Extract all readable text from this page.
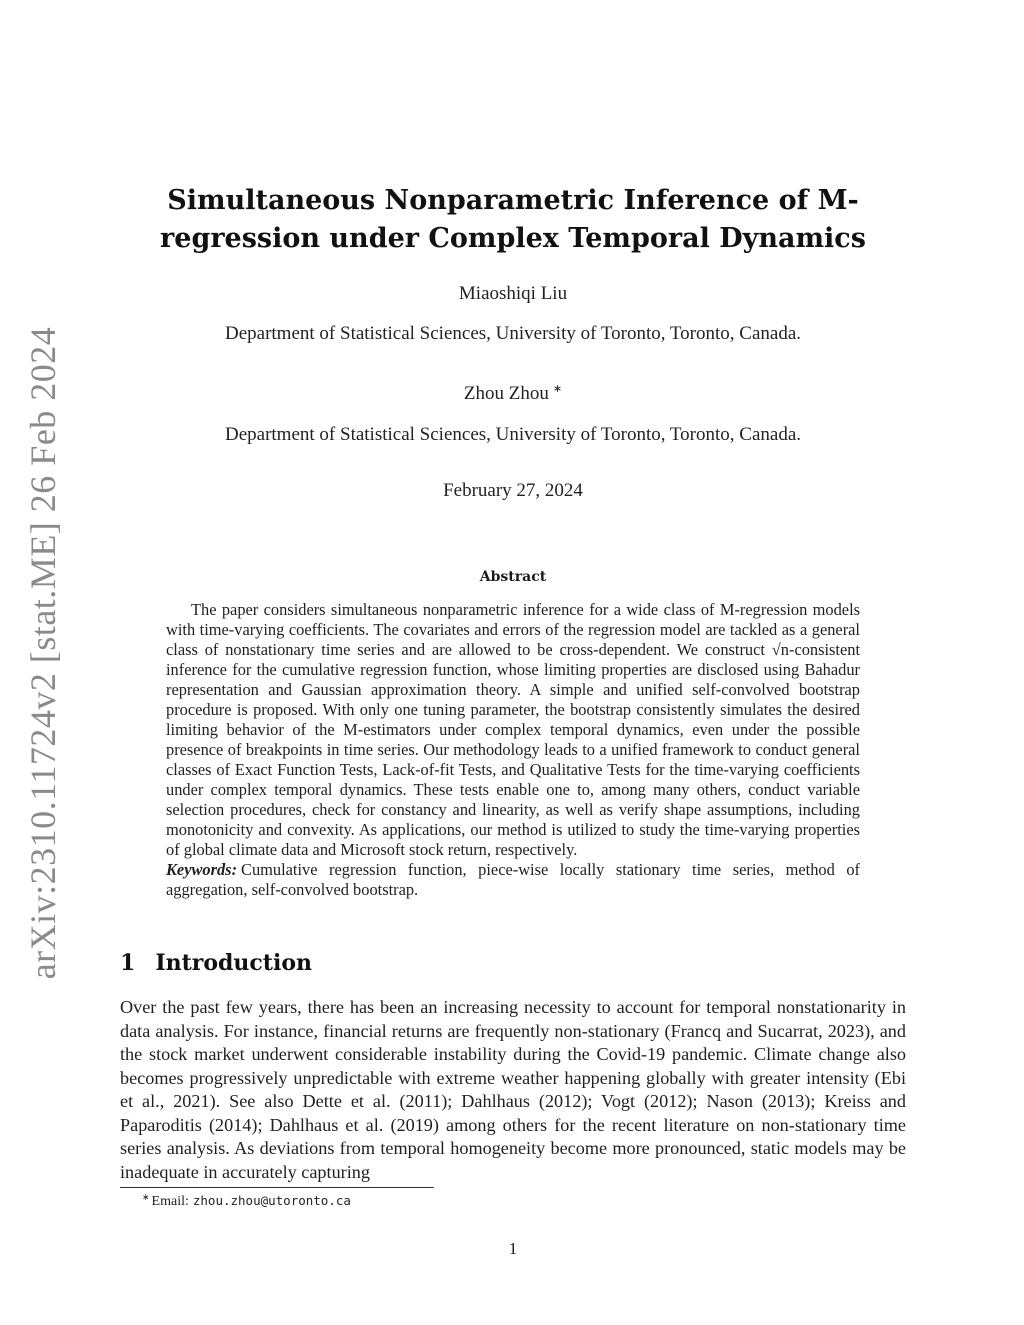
arXiv:2310.11724v2 [stat.ME] 26 Feb 2024
Simultaneous Nonparametric Inference of M-regression under Complex Temporal Dynamics
Miaoshiqi Liu
Department of Statistical Sciences, University of Toronto, Toronto, Canada.
Zhou Zhou ∗
Department of Statistical Sciences, University of Toronto, Toronto, Canada.
February 27, 2024
Abstract

The paper considers simultaneous nonparametric inference for a wide class of M-regression models with time-varying coefficients. The covariates and errors of the regression model are tackled as a general class of nonstationary time series and are allowed to be cross-dependent. We construct √n-consistent inference for the cumulative regression function, whose limiting properties are disclosed using Bahadur representation and Gaussian approximation theory. A simple and unified self-convolved bootstrap procedure is proposed. With only one tuning parameter, the bootstrap consistently simulates the desired limiting behavior of the M-estimators under complex temporal dynamics, even under the possible presence of breakpoints in time series. Our methodology leads to a unified framework to conduct general classes of Exact Function Tests, Lack-of-fit Tests, and Qualitative Tests for the time-varying coefficients under complex temporal dynamics. These tests enable one to, among many others, conduct variable selection procedures, check for constancy and linearity, as well as verify shape assumptions, including monotonicity and convexity. As applications, our method is utilized to study the time-varying properties of global climate data and Microsoft stock return, respectively.

Keywords: Cumulative regression function, piece-wise locally stationary time series, method of aggregation, self-convolved bootstrap.

1 Introduction

Over the past few years, there has been an increasing necessity to account for temporal nonstationarity in data analysis. For instance, financial returns are frequently non-stationary (Francq and Sucarrat, 2023), and the stock market underwent considerable instability during the Covid-19 pandemic. Climate change also becomes progressively unpredictable with extreme weather happening globally with greater intensity (Ebi et al., 2021). See also Dette et al. (2011); Dahlhaus (2012); Vogt (2012); Nason (2013); Kreiss and Paparoditis (2014); Dahlhaus et al. (2019) among others for the recent literature on non-stationary time series analysis. As deviations from temporal homogeneity become more pronounced, static models may be inadequate in accurately capturing

∗ Email: zhou.zhou@utoronto.ca
1
